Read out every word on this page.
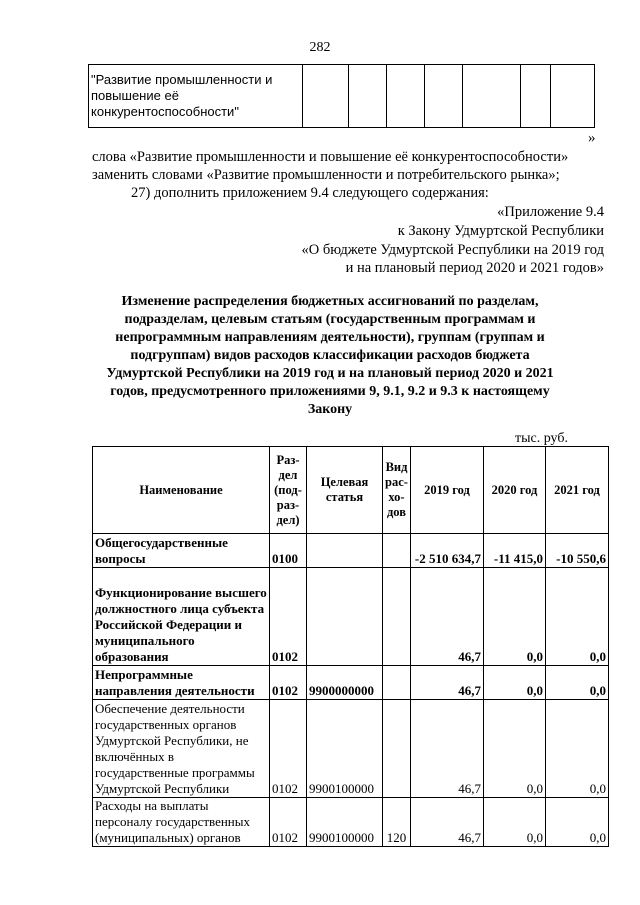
282
"Развитие промышленности и повышение её конкурентоспособности"							
»
слова «Развитие промышленности и повышение её конкурентоспособности»
заменить словами «Развитие промышленности и потребительского рынка»;
27) дополнить приложением 9.4 следующего содержания:
«Приложение 9.4
к Закону Удмуртской Республики
«О бюджете Удмуртской Республики на 2019 год
и на плановый период 2020 и 2021 годов»
Изменение распределения бюджетных ассигнований по разделам, подразделам, целевым статьям (государственным программам и непрограммным направлениям деятельности), группам (группам и подгруппам) видов расходов классификации расходов бюджета Удмуртской Республики на 2019 год и на плановый период 2020 и 2021 годов, предусмотренного приложениями 9, 9.1, 9.2 и 9.3 к настоящему Закону
тыс. руб.
Наименование	Раз-дел (под-раз-дел)	Целевая статья	Вид рас-хо-дов	2019 год	2020 год	2021 год
Общегосударственные вопросы	0100			-2 510 634,7	-11 415,0	-10 550,6
Функционирование высшего должностного лица субъекта Российской Федерации и муниципального образования	0102			46,7	0,0	0,0
Непрограммные направления деятельности	0102	9900000000		46,7	0,0	0,0
Обеспечение деятельности государственных органов Удмуртской Республики, не включённых в государственные программы Удмуртской Республики	0102	9900100000		46,7	0,0	0,0
Расходы на выплаты персоналу государственных (муниципальных) органов	0102	9900100000	120	46,7	0,0	0,0
